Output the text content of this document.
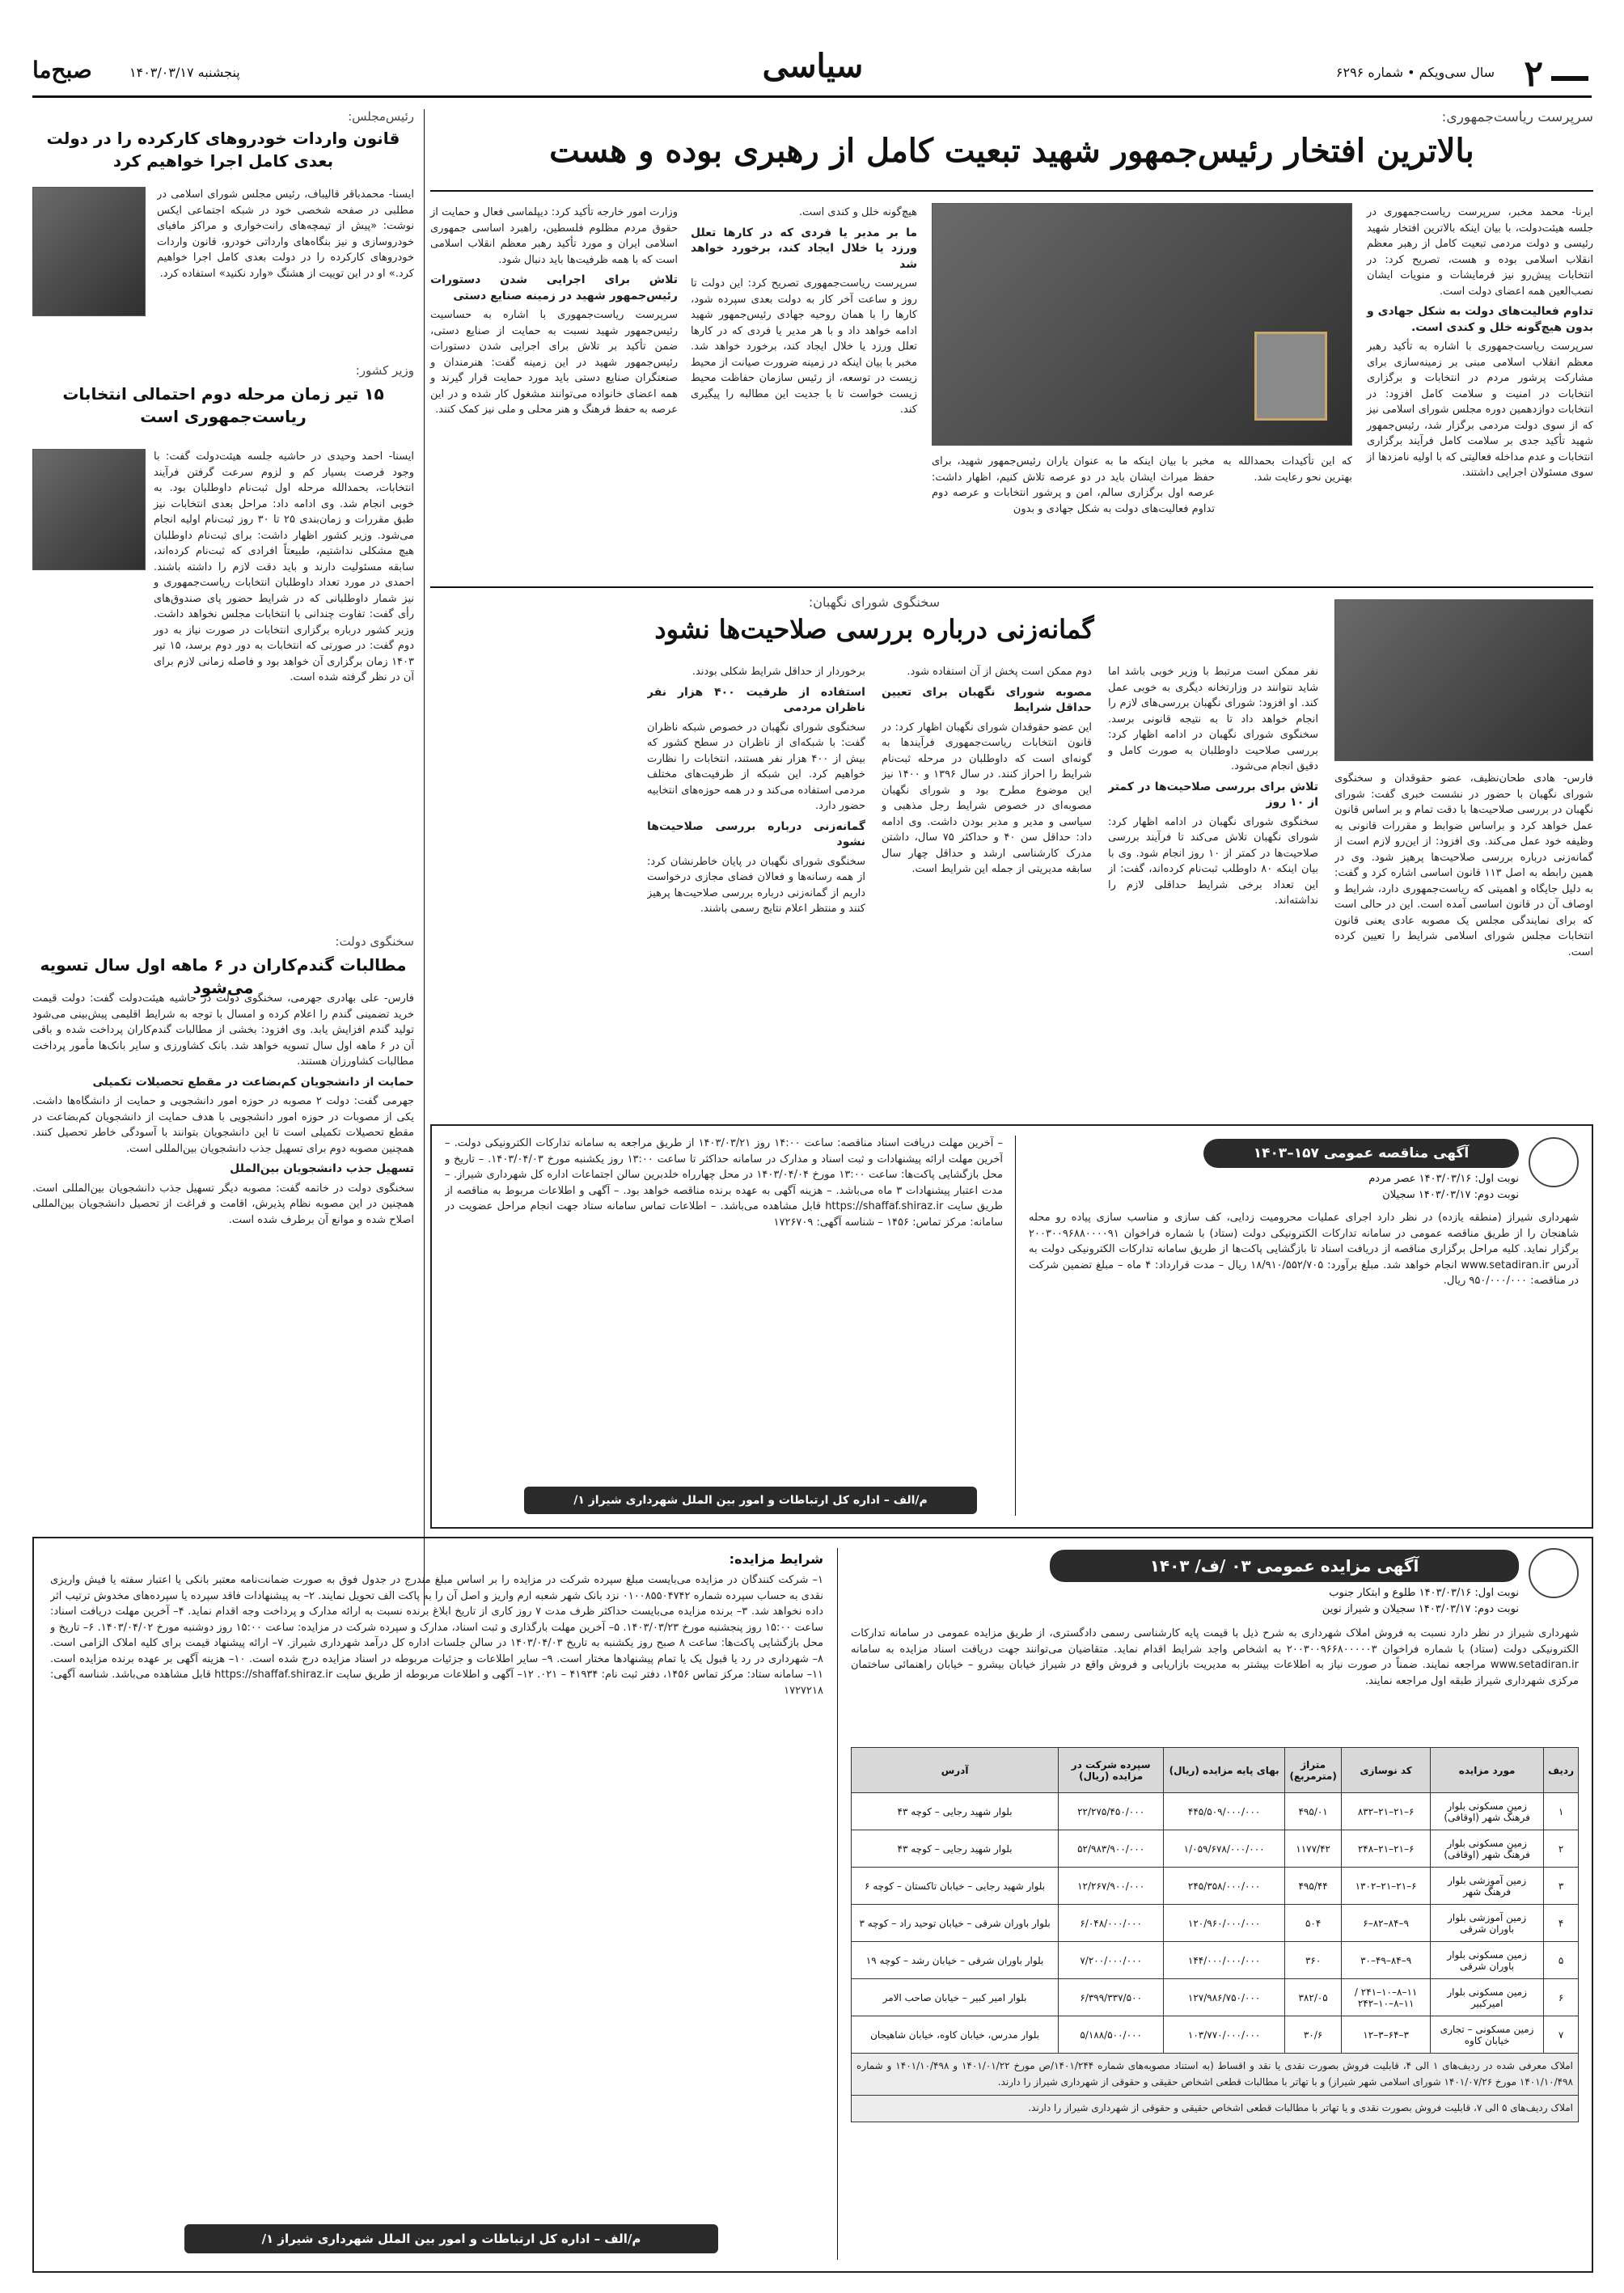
۲
سال سی‌ویکم • شماره ۶۲۹۶
سیاسی
پنجشنبه ۱۴۰۳/۰۳/۱۷
صبح‌ما
سرپرست ریاست‌جمهوری:
بالاترین افتخار رئیس‌جمهور شهید تبعیت کامل از رهبری بوده و هست

ایرنا- محمد مخبر، سرپرست ریاست‌جمهوری در جلسه هیئت‌دولت، با بیان اینکه بالاترین افتخار شهید رئیسی و دولت مردمی تبعیت کامل از رهبر معظم انقلاب اسلامی بوده و هست، تصریح کرد: در انتخابات پیش‌رو نیز فرمایشات و منویات ایشان نصب‌العین همه اعضای دولت است.

تداوم فعالیت‌های دولت به شکل جهادی و بدون هیچ‌گونه خلل و کندی است.

سرپرست ریاست‌جمهوری با اشاره به تأکید رهبر معظم انقلاب اسلامی مبنی بر زمینه‌سازی برای مشارکت پرشور مردم در انتخابات و برگزاری انتخابات در امنیت و سلامت کامل افزود: در انتخابات دوازدهمین دوره مجلس شورای اسلامی نیز که از سوی دولت مردمی برگزار شد، رئیس‌جمهور شهید تأکید جدی بر سلامت کامل فرآیند برگزاری انتخابات و عدم مداخله فعالیتی که با اولیه نامزدها از سوی مسئولان اجرایی داشتند.

که این تأکیدات بحمدالله به بهترین نحو رعایت شد.
مخبر با بیان اینکه ما به عنوان یاران رئیس‌جمهور شهید، برای حفظ میراث ایشان باید در دو عرصه تلاش کنیم، اظهار داشت: عرصه اول برگزاری سالم، امن و پرشور انتخابات و عرصه دوم تداوم فعالیت‌های دولت به شکل جهادی و بدون

هیچ‌گونه خلل و کندی است.

ما بر مدیر یا فردی که در کارها تعلل ورزد یا خلال ایجاد کند، برخورد خواهد شد

سرپرست ریاست‌جمهوری تصریح کرد: این دولت تا روز و ساعت آخر کار به دولت بعدی سپرده شود، کارها را با همان روحیه جهادی رئیس‌جمهور شهید ادامه خواهد داد و با هر مدیر یا فردی که در کارها تعلل ورزد یا خلال ایجاد کند، برخورد خواهد شد. مخبر با بیان اینکه در زمینه ضرورت صیانت از محیط زیست در توسعه، از رئیس سازمان حفاظت محیط زیست خواست تا با جدیت این مطالبه را پیگیری کند.

وزارت امور خارجه تأکید کرد: دیپلماسی فعال و حمایت از حقوق مردم مظلوم فلسطین، راهبرد اساسی جمهوری اسلامی ایران و مورد تأکید رهبر معظم انقلاب اسلامی است که با همه ظرفیت‌ها باید دنبال شود.

تلاش برای اجرایی شدن دستورات رئیس‌جمهور شهید در زمینه صنایع دستی

سرپرست ریاست‌جمهوری با اشاره به حساسیت رئیس‌جمهور شهید نسبت به حمایت از صنایع دستی، ضمن تأکید بر تلاش برای اجرایی شدن دستورات رئیس‌جمهور شهید در این زمینه گفت: هنرمندان و صنعتگران صنایع دستی باید مورد حمایت قرار گیرند و همه اعضای خانواده می‌توانند مشغول کار شده و در این عرصه به حفظ فرهنگ و هنر محلی و ملی نیز کمک کنند.

رئیس‌مجلس:
قانون واردات خودروهای کارکرده را در دولت بعدی کامل اجرا خواهیم کرد
ایسنا- محمدباقر قالیباف، رئیس مجلس شورای اسلامی در مطلبی در صفحه شخصی خود در شبکه اجتماعی ایکس نوشت: «پیش از تیمچه‌های رانت‌خواری و مراکز مافیای خودروسازی و نیز بنگاه‌های وارداتی خودرو، قانون واردات خودروهای کارکرده را در دولت بعدی کامل اجرا خواهیم کرد.» او در این توییت از هشتگ «وارد نکنید» استفاده کرد.
وزیر کشور:
۱۵ تیر زمان مرحله دوم احتمالی انتخابات ریاست‌جمهوری است
ایسنا- احمد وحیدی در حاشیه جلسه هیئت‌دولت گفت: با وجود فرصت بسیار کم و لزوم سرعت گرفتن فرآیند انتخابات، بحمدالله مرحله اول ثبت‌نام داوطلبان بود. به خوبی انجام شد. وی ادامه داد: مراحل بعدی انتخابات نیز طبق مقررات و زمان‌بندی ۲۵ تا ۳۰ روز ثبت‌نام اولیه انجام می‌شود. وزیر کشور اظهار داشت: برای ثبت‌نام داوطلبان هیچ مشکلی نداشتیم، طبیعتاً افرادی که ثبت‌نام کرده‌اند، سابقه مسئولیت دارند و باید دقت لازم را داشته باشند. احمدی در مورد تعداد داوطلبان انتخابات ریاست‌جمهوری و نیز شمار داوطلبانی که در شرایط حضور پای صندوق‌های رأی گفت: تفاوت چندانی با انتخابات مجلس نخواهد داشت. وزیر کشور درباره برگزاری انتخابات در صورت نیاز به دور دوم گفت: در صورتی که انتخابات به دور دوم برسد، ۱۵ تیر ۱۴۰۳ زمان برگزاری آن خواهد بود و فاصله زمانی لازم برای آن در نظر گرفته شده است.
سخنگوی دولت:
مطالبات گندم‌کاران در ۶ ماهه اول سال تسویه می‌شود

فارس- علی بهادری جهرمی، سخنگوی دولت در حاشیه هیئت‌دولت گفت: دولت قیمت خرید تضمینی گندم را اعلام کرده و امسال با توجه به شرایط اقلیمی پیش‌بینی می‌شود تولید گندم افزایش یابد. وی افزود: بخشی از مطالبات گندم‌کاران پرداخت شده و باقی آن در ۶ ماهه اول سال تسویه خواهد شد. بانک کشاورزی و سایر بانک‌ها مأمور پرداخت مطالبات کشاورزان هستند.

حمایت از دانشجویان کم‌بضاعت در مقطع تحصیلات تکمیلی

جهرمی گفت: دولت ۲ مصوبه در حوزه امور دانشجویی و حمایت از دانشگاه‌ها داشت. یکی از مصوبات در حوزه امور دانشجویی با هدف حمایت از دانشجویان کم‌بضاعت در مقطع تحصیلات تکمیلی است تا این دانشجویان بتوانند با آسودگی خاطر تحصیل کنند. همچنین مصوبه دوم برای تسهیل جذب دانشجویان بین‌المللی است.

تسهیل جذب دانشجویان بین‌الملل

سخنگوی دولت در خاتمه گفت: مصوبه دیگر تسهیل جذب دانشجویان بین‌المللی است. همچنین در این مصوبه نظام پذیرش، اقامت و فراغت از تحصیل دانشجویان بین‌المللی اصلاح شده و موانع آن برطرف شده است.

سخنگوی شورای نگهبان:
گمانه‌زنی درباره بررسی صلاحیت‌ها نشود
فارس- هادی طحان‌نظیف، عضو حقوقدان و سخنگوی شورای نگهبان با حضور در نشست خبری گفت: شورای نگهبان در بررسی صلاحیت‌ها با دقت تمام و بر اساس قانون عمل خواهد کرد و براساس ضوابط و مقررات قانونی به وظیفه خود عمل می‌کند. وی افزود: از این‌رو لازم است از گمانه‌زنی درباره بررسی صلاحیت‌ها پرهیز شود. وی در همین رابطه به اصل ۱۱۳ قانون اساسی اشاره کرد و گفت: به دلیل جایگاه و اهمیتی که ریاست‌جمهوری دارد، شرایط و اوصاف آن در قانون اساسی آمده است. این در حالی است که برای نمایندگی مجلس یک مصوبه عادی یعنی قانون انتخابات مجلس شورای اسلامی شرایط را تعیین کرده است.

نفر ممکن است مرتبط با وزیر خوبی باشد اما شاید نتوانند در وزارتخانه دیگری به خوبی عمل کند. او افزود: شورای نگهبان بررسی‌های لازم را انجام خواهد داد تا به نتیجه قانونی برسد. سخنگوی شورای نگهبان در ادامه اظهار کرد: بررسی صلاحیت داوطلبان به صورت کامل و دقیق انجام می‌شود.

تلاش برای بررسی صلاحیت‌ها در کمتر از ۱۰ روز

سخنگوی شورای نگهبان در ادامه اظهار کرد: شورای نگهبان تلاش می‌کند تا فرآیند بررسی صلاحیت‌ها در کمتر از ۱۰ روز انجام شود. وی با بیان اینکه ۸۰ داوطلب ثبت‌نام کرده‌اند، گفت: از این تعداد برخی شرایط حداقلی لازم را نداشته‌اند.

دوم ممکن است پخش از آن استفاده شود.

مصوبه شورای نگهبان برای تعیین حداقل شرایط

این عضو حقوقدان شورای نگهبان اظهار کرد: در قانون انتخابات ریاست‌جمهوری فرآیندها به گونه‌ای است که داوطلبان در مرحله ثبت‌نام شرایط را احراز کنند. در سال ۱۳۹۶ و ۱۴۰۰ نیز این موضوع مطرح بود و شورای نگهبان مصوبه‌ای در خصوص شرایط رجل مذهبی و سیاسی و مدیر و مدبر بودن داشت. وی ادامه داد: حداقل سن ۴۰ و حداکثر ۷۵ سال، داشتن مدرک کارشناسی ارشد و حداقل چهار سال سابقه مدیریتی از جمله این شرایط است.

برخوردار از حداقل شرایط شکلی بودند.

استفاده از ظرفیت ۴۰۰ هزار نفر ناظران مردمی

سخنگوی شورای نگهبان در خصوص شبکه ناظران گفت: با شبکه‌ای از ناظران در سطح کشور که بیش از ۴۰۰ هزار نفر هستند، انتخابات را نظارت خواهیم کرد. این شبکه از ظرفیت‌های مختلف مردمی استفاده می‌کند و در همه حوزه‌های انتخابیه حضور دارد.

گمانه‌زنی درباره بررسی صلاحیت‌ها نشود

سخنگوی شورای نگهبان در پایان خاطرنشان کرد: از همه رسانه‌ها و فعالان فضای مجازی درخواست داریم از گمانه‌زنی درباره بررسی صلاحیت‌ها پرهیز کنند و منتظر اعلام نتایج رسمی باشند.

آگهی مناقصه عمومی ۱۵۷–۱۴۰۳
نوبت اول: ۱۴۰۳/۰۳/۱۶ عصر مردم
نوبت دوم: ۱۴۰۳/۰۳/۱۷ سجیلان
شهرداری شیراز (منطقه یازده) در نظر دارد اجرای عملیات محرومیت زدایی، کف سازی و مناسب سازی پیاده رو محله شاهنجان را از طریق مناقصه عمومی در سامانه تدارکات الکترونیکی دولت (ستاد) با شماره فراخوان ۲۰۰۳۰۰۹۶۸۸۰۰۰۰۹۱ برگزار نماید. کلیه مراحل برگزاری مناقصه از دریافت اسناد تا بازگشایی پاکت‌ها از طریق سامانه تدارکات الکترونیکی دولت به آدرس www.setadiran.ir انجام خواهد شد. مبلغ برآورد: ۱۸/۹۱۰/۵۵۲/۷۰۵ ریال – مدت قرارداد: ۴ ماه – مبلغ تضمین شرکت در مناقصه: ۹۵۰/۰۰۰/۰۰۰ ریال.
– آخرین مهلت دریافت اسناد مناقصه: ساعت ۱۴:۰۰ روز ۱۴۰۳/۰۳/۲۱ از طریق مراجعه به سامانه تدارکات الکترونیکی دولت. – آخرین مهلت ارائه پیشنهادات و ثبت اسناد و مدارک در سامانه حداکثر تا ساعت ۱۳:۰۰ روز یکشنبه مورخ ۱۴۰۳/۰۴/۰۳. – تاریخ و محل بازگشایی پاکت‌ها: ساعت ۱۳:۰۰ مورخ ۱۴۰۳/۰۴/۰۴ در محل چهارراه خلدبرین سالن اجتماعات اداره کل شهرداری شیراز. – مدت اعتبار پیشنهادات ۳ ماه می‌باشد. – هزینه آگهی به عهده برنده مناقصه خواهد بود. – آگهی و اطلاعات مربوط به مناقصه از طریق سایت https://shaffaf.shiraz.ir قابل مشاهده می‌باشد. – اطلاعات تماس سامانه ستاد جهت انجام مراحل عضویت در سامانه: مرکز تماس: ۱۴۵۶ – شناسه آگهی: ۱۷۲۶۷۰۹
م/الف – اداره کل ارتباطات و امور بین الملل شهرداری شیراز ۱/
آگهی مزایده عمومی ۰۳ /ف/ ۱۴۰۳
نوبت اول: ۱۴۰۳/۰۳/۱۶ طلوع و ابتکار جنوب
نوبت دوم: ۱۴۰۳/۰۳/۱۷ سجیلان و شیراز نوین
شهرداری شیراز در نظر دارد نسبت به فروش املاک شهرداری به شرح ذیل با قیمت پایه کارشناسی رسمی دادگستری، از طریق مزایده عمومی در سامانه تدارکات الکترونیکی دولت (ستاد) با شماره فراخوان ۲۰۰۳۰۰۹۶۶۸۰۰۰۰۰۳ به اشخاص واجد شرایط اقدام نماید. متقاضیان می‌توانند جهت دریافت اسناد مزایده به سامانه www.setadiran.ir مراجعه نمایند. ضمناً در صورت نیاز به اطلاعات بیشتر به مدیریت بازاریابی و فروش واقع در شیراز خیابان بیشرو – خیابان راهنمائی ساختمان مرکزی شهرداری شیراز طبقه اول مراجعه نمایند.
ردیف	مورد مزایده	کد نوسازی	متراژ (مترمربع)	بهای پایه مزایده (ریال)	سپرده شرکت در مزایده (ریال)	آدرس
۱	زمین مسکونی بلوار فرهنگ شهر (اوقافی)	۶–۲۱–۲۱–۸۳۲	۴۹۵/۰۱	۴۴۵/۵۰۹/۰۰۰/۰۰۰	۲۲/۲۷۵/۴۵۰/۰۰۰	بلوار شهید رجایی – کوچه ۴۳
۲	زمین مسکونی بلوار فرهنگ شهر (اوقافی)	۶–۲۱–۲۱–۲۴۸	۱۱۷۷/۴۲	۱/۰۵۹/۶۷۸/۰۰۰/۰۰۰	۵۲/۹۸۳/۹۰۰/۰۰۰	بلوار شهید رجایی – کوچه ۴۳
۳	زمین آموزشی بلوار فرهنگ شهر	۶–۲۱–۲۱–۱۳۰۲	۴۹۵/۴۴	۲۴۵/۳۵۸/۰۰۰/۰۰۰	۱۲/۲۶۷/۹۰۰/۰۰۰	بلوار شهید رجایی – خیابان تاکستان – کوچه ۶
۴	زمین آموزشی بلوار باوران شرقی	۹–۸۴–۸۲–۶	۵۰۴	۱۲۰/۹۶۰/۰۰۰/۰۰۰	۶/۰۴۸/۰۰۰/۰۰۰	بلوار باوران شرقی – خیابان توحید راد – کوچه ۳
۵	زمین مسکونی بلوار باوران شرقی	۹–۸۴–۴۹–۳۰	۳۶۰	۱۴۴/۰۰۰/۰۰۰/۰۰۰	۷/۲۰۰/۰۰۰/۰۰۰	بلوار باوران شرقی – خیابان رشد – کوچه ۱۹
۶	زمین مسکونی بلوار امیرکبیر	۱۱–۸–۱۰–۲۴۱ / ۱۱–۸–۱۰–۲۴۲	۳۸۲/۰۵	۱۲۷/۹۸۶/۷۵۰/۰۰۰	۶/۳۹۹/۳۳۷/۵۰۰	بلوار امیر کبیر – خیابان صاحب الامر
۷	زمین مسکونی – تجاری خیابان کاوه	۳–۶۴–۳–۱۲	۳۰/۶	۱۰۳/۷۷۰/۰۰۰/۰۰۰	۵/۱۸۸/۵۰۰/۰۰۰	بلوار مدرس، خیابان کاوه، خیابان شاهیجان
املاک معرفی شده در ردیف‌های ۱ الی ۴، قابلیت فروش بصورت نقدی یا نقد و اقساط (به استناد مصوبه‌های شماره ۱۴۰۱/۲۴۴/ص مورخ ۱۴۰۱/۰۱/۲۲ و ۱۴۰۱/۱۰/۴۹۸ و شماره ۱۴۰۱/۱۰/۴۹۸ مورخ ۱۴۰۱/۰۷/۲۶ شورای اسلامی شهر شیراز) و با تهاتر با مطالبات قطعی اشخاص حقیقی و حقوقی از شهرداری شیراز را دارند.
املاک ردیف‌های ۵ الی ۷، قابلیت فروش بصورت نقدی و یا تهاتر با مطالبات قطعی اشخاص حقیقی و حقوقی از شهرداری شیراز را دارند.
شرایط مزایده:
۱– شرکت کنندگان در مزایده می‌بایست مبلغ سپرده شرکت در مزایده را بر اساس مبلغ مندرج در جدول فوق به صورت ضمانت‌نامه معتبر بانکی یا اعتبار سفته یا فیش واریزی نقدی به حساب سپرده شماره ۰۱۰۰۸۵۵۰۴۷۴۲ نزد بانک شهر شعبه ارم واریز و اصل آن را به پاکت الف تحویل نمایند. ۲– به پیشنهادات فاقد سپرده یا سپرده‌های مخدوش ترتیب اثر داده نخواهد شد. ۳– برنده مزایده می‌بایست حداکثر ظرف مدت ۷ روز کاری از تاریخ ابلاغ برنده نسبت به ارائه مدارک و پرداخت وجه اقدام نماید. ۴– آخرین مهلت دریافت اسناد: ساعت ۱۵:۰۰ روز پنجشنبه مورخ ۱۴۰۳/۰۳/۲۳. ۵– آخرین مهلت بارگذاری و ثبت اسناد، مدارک و سپرده شرکت در مزایده: ساعت ۱۵:۰۰ روز دوشنبه مورخ ۱۴۰۳/۰۴/۰۲. ۶– تاریخ و محل بازگشایی پاکت‌ها: ساعت ۸ صبح روز یکشنبه به تاریخ ۱۴۰۳/۰۴/۰۳ در سالن جلسات اداره کل درآمد شهرداری شیراز. ۷– ارائه پیشنهاد قیمت برای کلیه املاک الزامی است. ۸– شهرداری در رد یا قبول یک یا تمام پیشنهادها مختار است. ۹– سایر اطلاعات و جزئیات مربوطه در اسناد مزایده درج شده است. ۱۰– هزینه آگهی بر عهده برنده مزایده است. ۱۱– سامانه ستاد: مرکز تماس ۱۴۵۶، دفتر ثبت نام: ۴۱۹۳۴ – ۰۲۱. ۱۲– آگهی و اطلاعات مربوطه از طریق سایت https://shaffaf.shiraz.ir قابل مشاهده می‌باشد. شناسه آگهی: ۱۷۲۷۲۱۸
م/الف – اداره کل ارتباطات و امور بین الملل شهرداری شیراز ۱/
